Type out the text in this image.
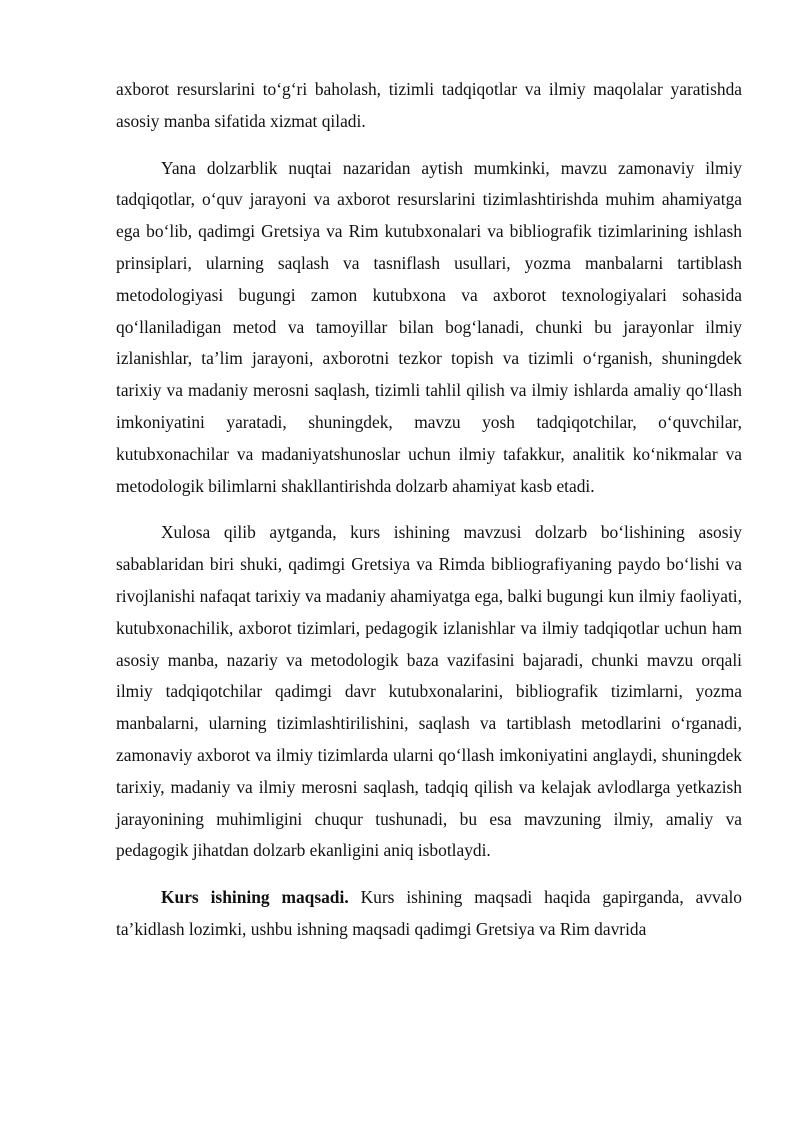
axborot resurslarini to‘g‘ri baholash, tizimli tadqiqotlar va ilmiy maqolalar yaratishda asosiy manba sifatida xizmat qiladi.

Yana dolzarblik nuqtai nazaridan aytish mumkinki, mavzu zamonaviy ilmiy tadqiqotlar, o‘quv jarayoni va axborot resurslarini tizimlashtirishda muhim ahamiyatga ega bo‘lib, qadimgi Gretsiya va Rim kutubxonalari va bibliografik tizimlarining ishlash prinsiplari, ularning saqlash va tasniflash usullari, yozma manbalarni tartiblash metodologiyasi bugungi zamon kutubxona va axborot texnologiyalari sohasida qo‘llaniladigan metod va tamoyillar bilan bog‘lanadi, chunki bu jarayonlar ilmiy izlanishlar, ta’lim jarayoni, axborotni tezkor topish va tizimli o‘rganish, shuningdek tarixiy va madaniy merosni saqlash, tizimli tahlil qilish va ilmiy ishlarda amaliy qo‘llash imkoniyatini yaratadi, shuningdek, mavzu yosh tadqiqotchilar, o‘quvchilar, kutubxonachilar va madaniyatshunoslar uchun ilmiy tafakkur, analitik ko‘nikmalar va metodologik bilimlarni shakllantirishda dolzarb ahamiyat kasb etadi.

Xulosa qilib aytganda, kurs ishining mavzusi dolzarb bo‘lishining asosiy sabablaridan biri shuki, qadimgi Gretsiya va Rimda bibliografiyaning paydo bo‘lishi va rivojlanishi nafaqat tarixiy va madaniy ahamiyatga ega, balki bugungi kun ilmiy faoliyati, kutubxonachilik, axborot tizimlari, pedagogik izlanishlar va ilmiy tadqiqotlar uchun ham asosiy manba, nazariy va metodologik baza vazifasini bajaradi, chunki mavzu orqali ilmiy tadqiqotchilar qadimgi davr kutubxonalarini, bibliografik tizimlarni, yozma manbalarni, ularning tizimlashtirilishini, saqlash va tartiblash metodlarini o‘rganadi, zamonaviy axborot va ilmiy tizimlarda ularni qo‘llash imkoniyatini anglaydi, shuningdek tarixiy, madaniy va ilmiy merosni saqlash, tadqiq qilish va kelajak avlodlarga yetkazish jarayonining muhimligini chuqur tushunadi, bu esa mavzuning ilmiy, amaliy va pedagogik jihatdan dolzarb ekanligini aniq isbotlaydi.

Kurs ishining maqsadi. Kurs ishining maqsadi haqida gapirganda, avvalo ta’kidlash lozimki, ushbu ishning maqsadi qadimgi Gretsiya va Rim davrida
